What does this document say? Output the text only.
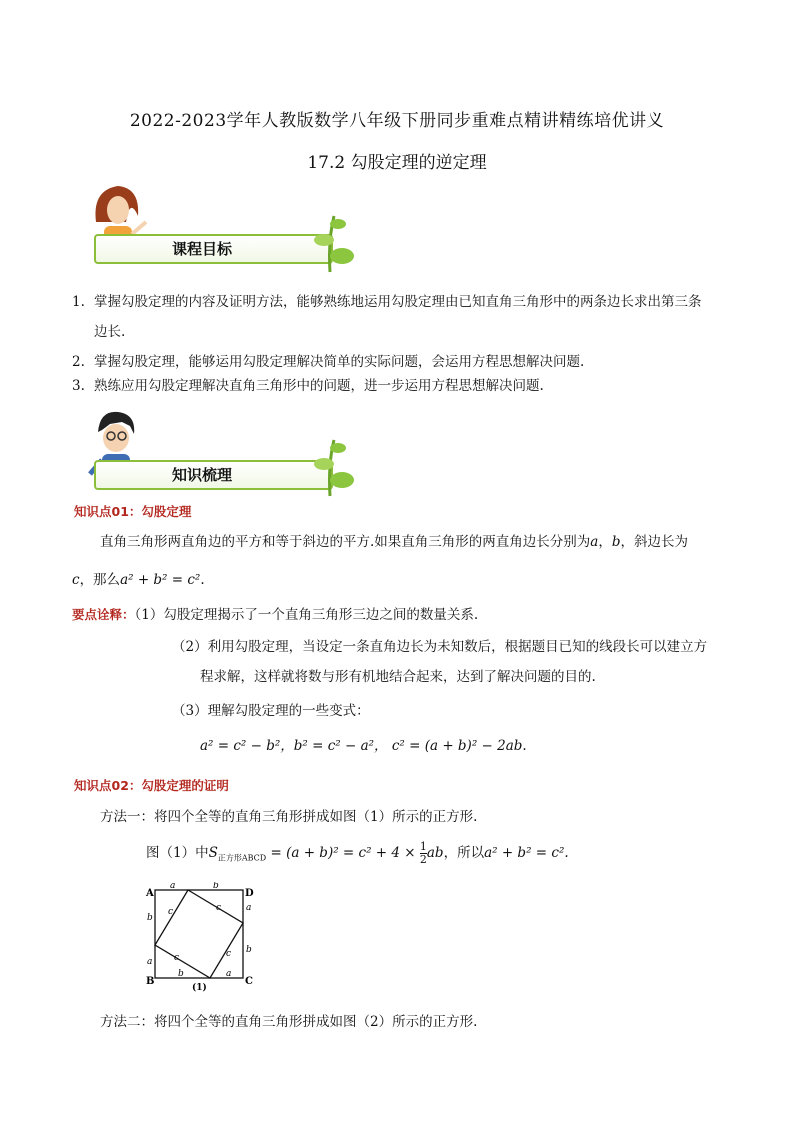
2022-2023学年人教版数学八年级下册同步重难点精讲精练培优讲义
17.2 勾股定理的逆定理
课程目标
1. 掌握勾股定理的内容及证明方法，能够熟练地运用勾股定理由已知直角三角形中的两条边长求出第三条
边长.
2. 掌握勾股定理，能够运用勾股定理解决简单的实际问题，会运用方程思想解决问题.
3. 熟练应用勾股定理解决直角三角形中的问题，进一步运用方程思想解决问题.
知识梳理
知识点01：勾股定理
直角三角形两直角边的平方和等于斜边的平方.如果直角三角形的两直角边长分别为a，b，斜边长为
c，那么a² + b² = c².
要点诠释：（1）勾股定理揭示了一个直角三角形三边之间的数量关系.
（2）利用勾股定理，当设定一条直角边长为未知数后，根据题目已知的线段长可以建立方
程求解，这样就将数与形有机地结合起来，达到了解决问题的目的.
（3）理解勾股定理的一些变式：
a² = c² − b²，b² = c² − a²， c² = (a + b)² − 2ab.
知识点02：勾股定理的证明
方法一：将四个全等的直角三角形拼成如图（1）所示的正方形.
图（1）中$S_{正方形ABCD} = (a + b)^2 = c^2 + 4 \times \frac{1}{2}$ ab，所以a² + b² = c².
A	D
C
B
a	b
b
a
a
b
b	a
c	c
c
c
(1)
方法二：将四个全等的直角三角形拼成如图（2）所示的正方形.
